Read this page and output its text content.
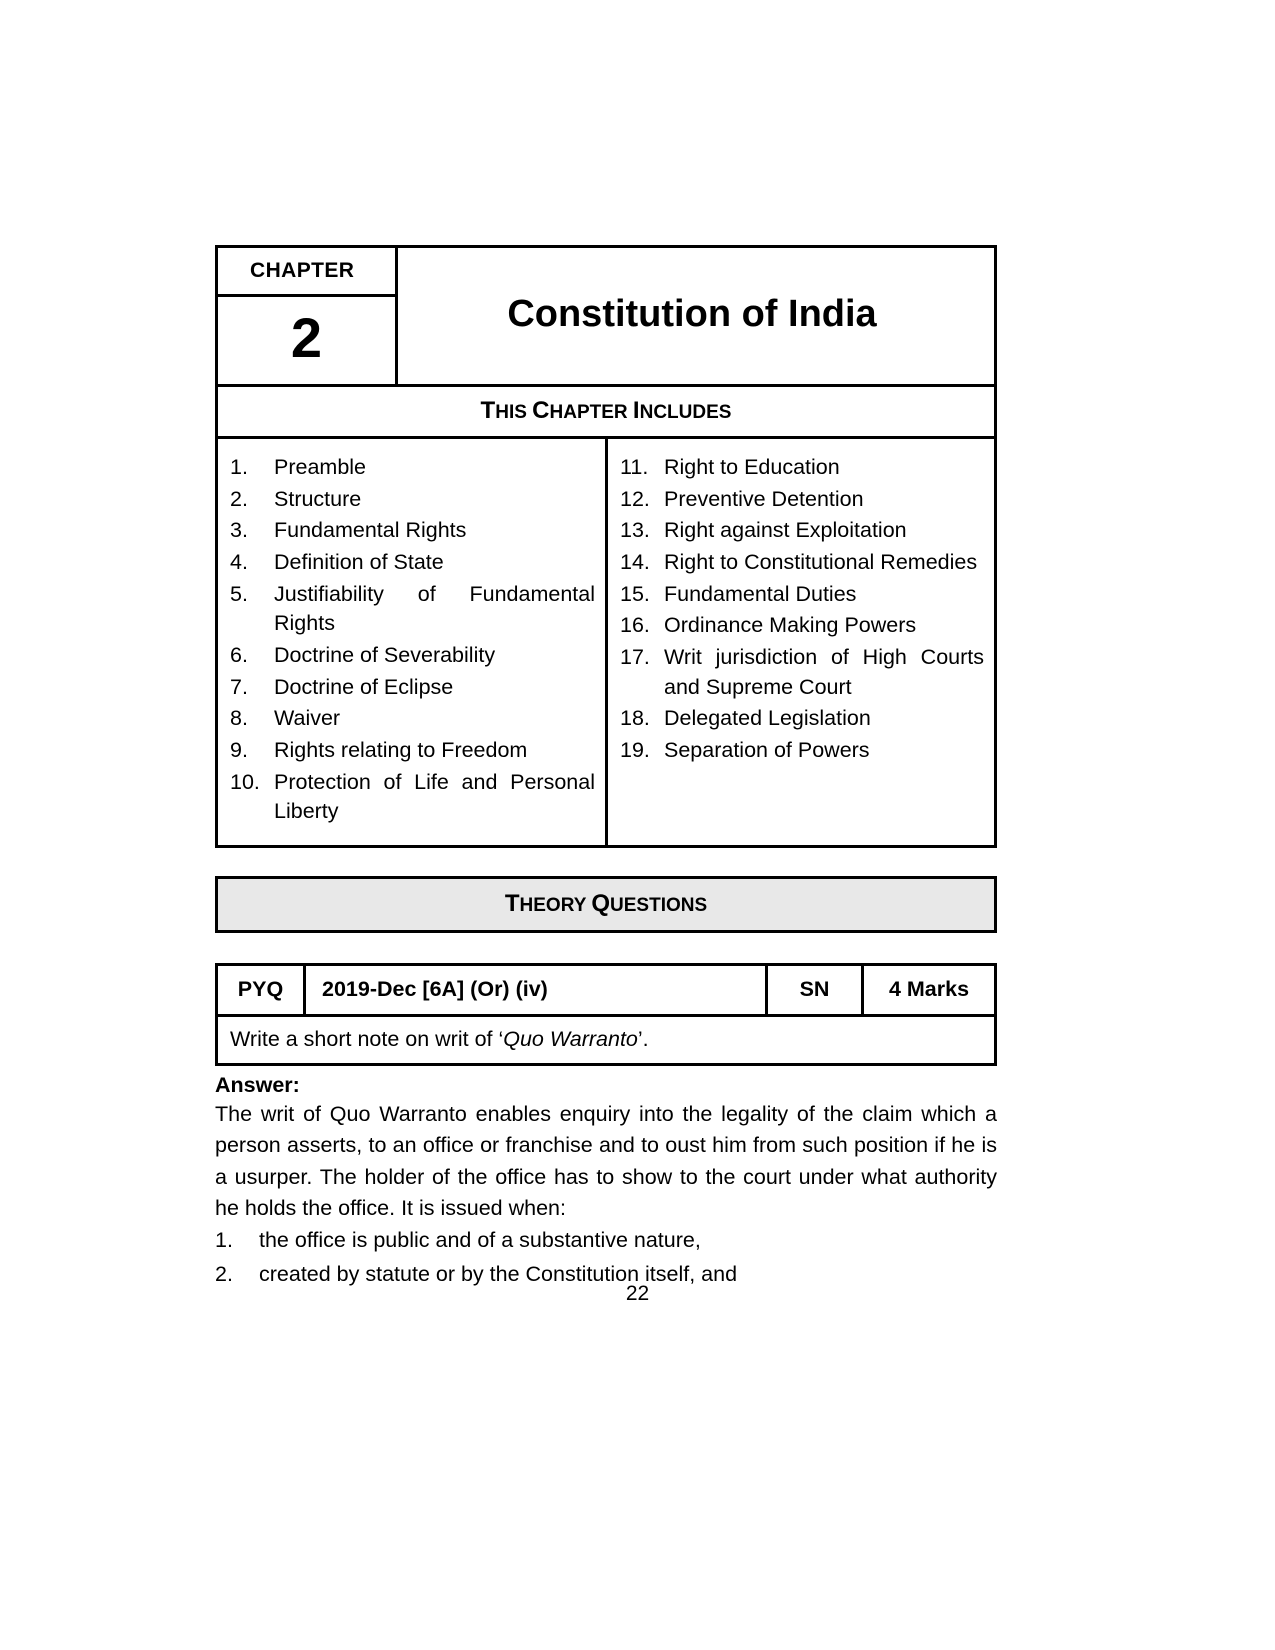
CHAPTER
2	Constitution of India
THIS CHAPTER INCLUDES
1.	Preamble
2.	Structure
3.	Fundamental Rights
4.	Definition of State
5.	Justifiability of Fundamental Rights
6.	Doctrine of Severability
7.	Doctrine of Eclipse
8.	Waiver
9.	Rights relating to Freedom
10. Protection of Life and Personal Liberty
11. Right to Education
12. Preventive Detention
13. Right against Exploitation
14. Right to Constitutional Remedies
15. Fundamental Duties
16. Ordinance Making Powers
17. Writ jurisdiction of High Courts and Supreme Court
18. Delegated Legislation
19. Separation of Powers
THEORY QUESTIONS
PYQ	2019-Dec [6A] (Or) (iv)	SN	4 Marks
Write a short note on writ of ‘Quo Warranto’.
Answer:
The writ of Quo Warranto enables enquiry into the legality of the claim which a person asserts, to an office or franchise and to oust him from such position if he is a usurper. The holder of the office has to show to the court under what authority he holds the office. It is issued when:
1.	the office is public and of a substantive nature,
2.	created by statute or by the Constitution itself, and
22
